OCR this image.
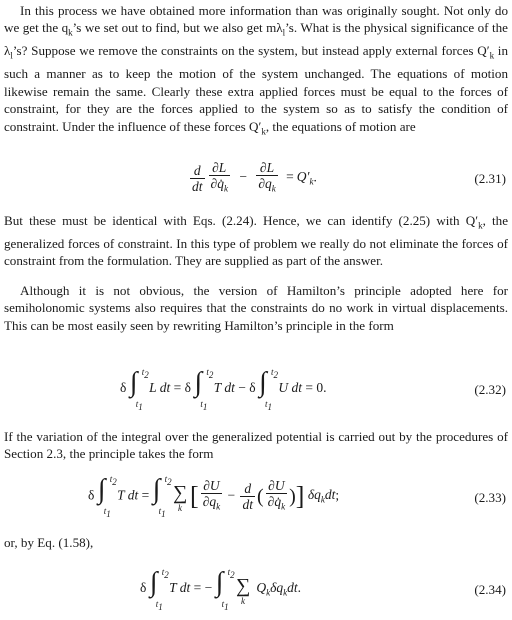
In this process we have obtained more information than was originally sought. Not only do we get the $q_k’s$ we set out to find, but we also get $m\lambda_l’s$. What is the physical significance of the $\lambda_l’s$? Suppose we remove the constraints on the system, but instead apply external forces $Q'_k$ in such a manner as to keep the motion of the system unchanged. The equations of motion likewise remain the same. Clearly these extra applied forces must be equal to the forces of constraint, for they are the forces applied to the system so as to satisfy the condition of constraint. Under the influence of these forces $Q'_k$, the equations of motion are

$\frac{d}{dt} \frac{\partial L}{\partial q̇_k} - \frac{\partial L}{\partial q_k} = Q'_k$.	(2.31)

But these must be identical with Eqs. (2.24). Hence, we can identify (2.25) with $Q'_k$, the generalized forces of constraint. In this type of problem we really do not eliminate the forces of constraint from the formulation. They are supplied as part of the answer.

Although it is not obvious, the version of Hamilton’s principle adopted here for semiholonomic systems also requires that the constraints do no work in virtual displacements. This can be most easily seen by rewriting Hamilton’s principle in the form

δ ∫ $t_2$
$t_1$
L dt = δ ∫ $t_2$
$t_1$
T dt − δ ∫ $t_2$
$t_1$
U dt = 0.	(2.32)

If the variation of the integral over the generalized potential is carried out by the procedures of Section 2.3, the principle takes the form

δ ∫ $t_2$
$t_1$
T dt = ∫ $t_2$
$t_1$

∑
k [ $\frac{\partial U}{\partial q_k} - \frac{d}{dt}$ ( $\frac{\partial U}{\partial q̇_k}$ )] $\delta q_kdt$;	(2.33)

or, by Eq. (1.58),

δ ∫ $t_2$
$t_1$
T dt = − ∫ $t_2$
$t_1$

∑
k
$Q_k\delta q_kdt$.	(2.34)
